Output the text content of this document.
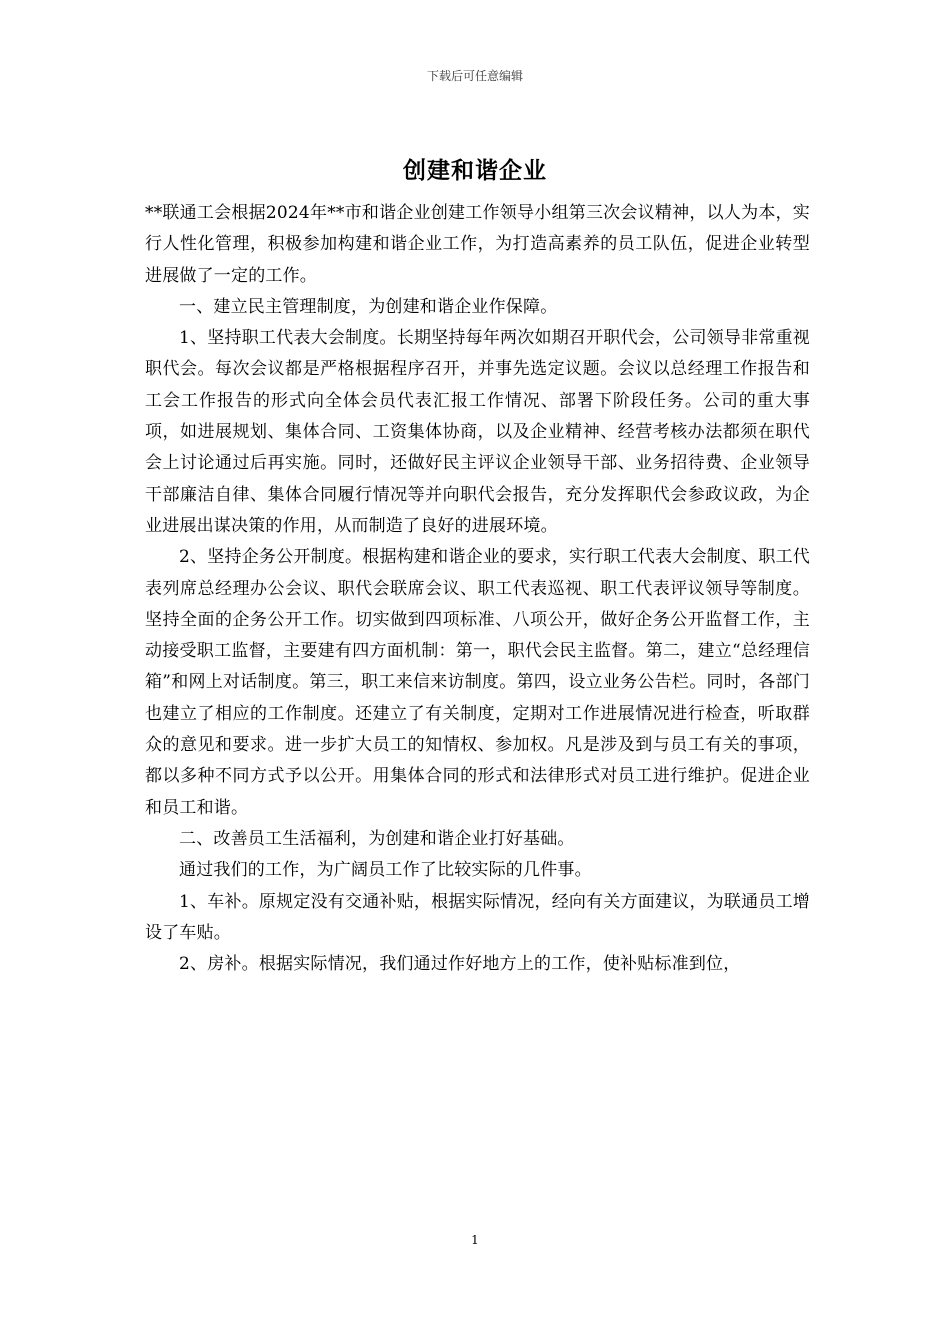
下载后可任意编辑
创建和谐企业

**联通工会根据2024年**市和谐企业创建工作领导小组第三次会议精神，以人为本，实行人性化管理，积极参加构建和谐企业工作，为打造高素养的员工队伍，促进企业转型进展做了一定的工作。

一、建立民主管理制度，为创建和谐企业作保障。

1、坚持职工代表大会制度。长期坚持每年两次如期召开职代会，公司领导非常重视职代会。每次会议都是严格根据程序召开，并事先选定议题。会议以总经理工作报告和工会工作报告的形式向全体会员代表汇报工作情况、部署下阶段任务。公司的重大事项，如进展规划、集体合同、工资集体协商，以及企业精神、经营考核办法都须在职代会上讨论通过后再实施。同时，还做好民主评议企业领导干部、业务招待费、企业领导干部廉洁自律、集体合同履行情况等并向职代会报告，充分发挥职代会参政议政，为企业进展出谋决策的作用，从而制造了良好的进展环境。

2、坚持企务公开制度。根据构建和谐企业的要求，实行职工代表大会制度、职工代表列席总经理办公会议、职代会联席会议、职工代表巡视、职工代表评议领导等制度。坚持全面的企务公开工作。切实做到四项标准、八项公开，做好企务公开监督工作，主动接受职工监督，主要建有四方面机制：第一，职代会民主监督。第二，建立“总经理信箱”和网上对话制度。第三，职工来信来访制度。第四，设立业务公告栏。同时，各部门也建立了相应的工作制度。还建立了有关制度，定期对工作进展情况进行检查，听取群众的意见和要求。进一步扩大员工的知情权、参加权。凡是涉及到与员工有关的事项，都以多种不同方式予以公开。用集体合同的形式和法律形式对员工进行维护。促进企业和员工和谐。

二、改善员工生活福利，为创建和谐企业打好基础。

通过我们的工作，为广阔员工作了比较实际的几件事。

1、车补。原规定没有交通补贴，根据实际情况，经向有关方面建议，为联通员工增设了车贴。

2、房补。根据实际情况，我们通过作好地方上的工作，使补贴标准到位，

1
